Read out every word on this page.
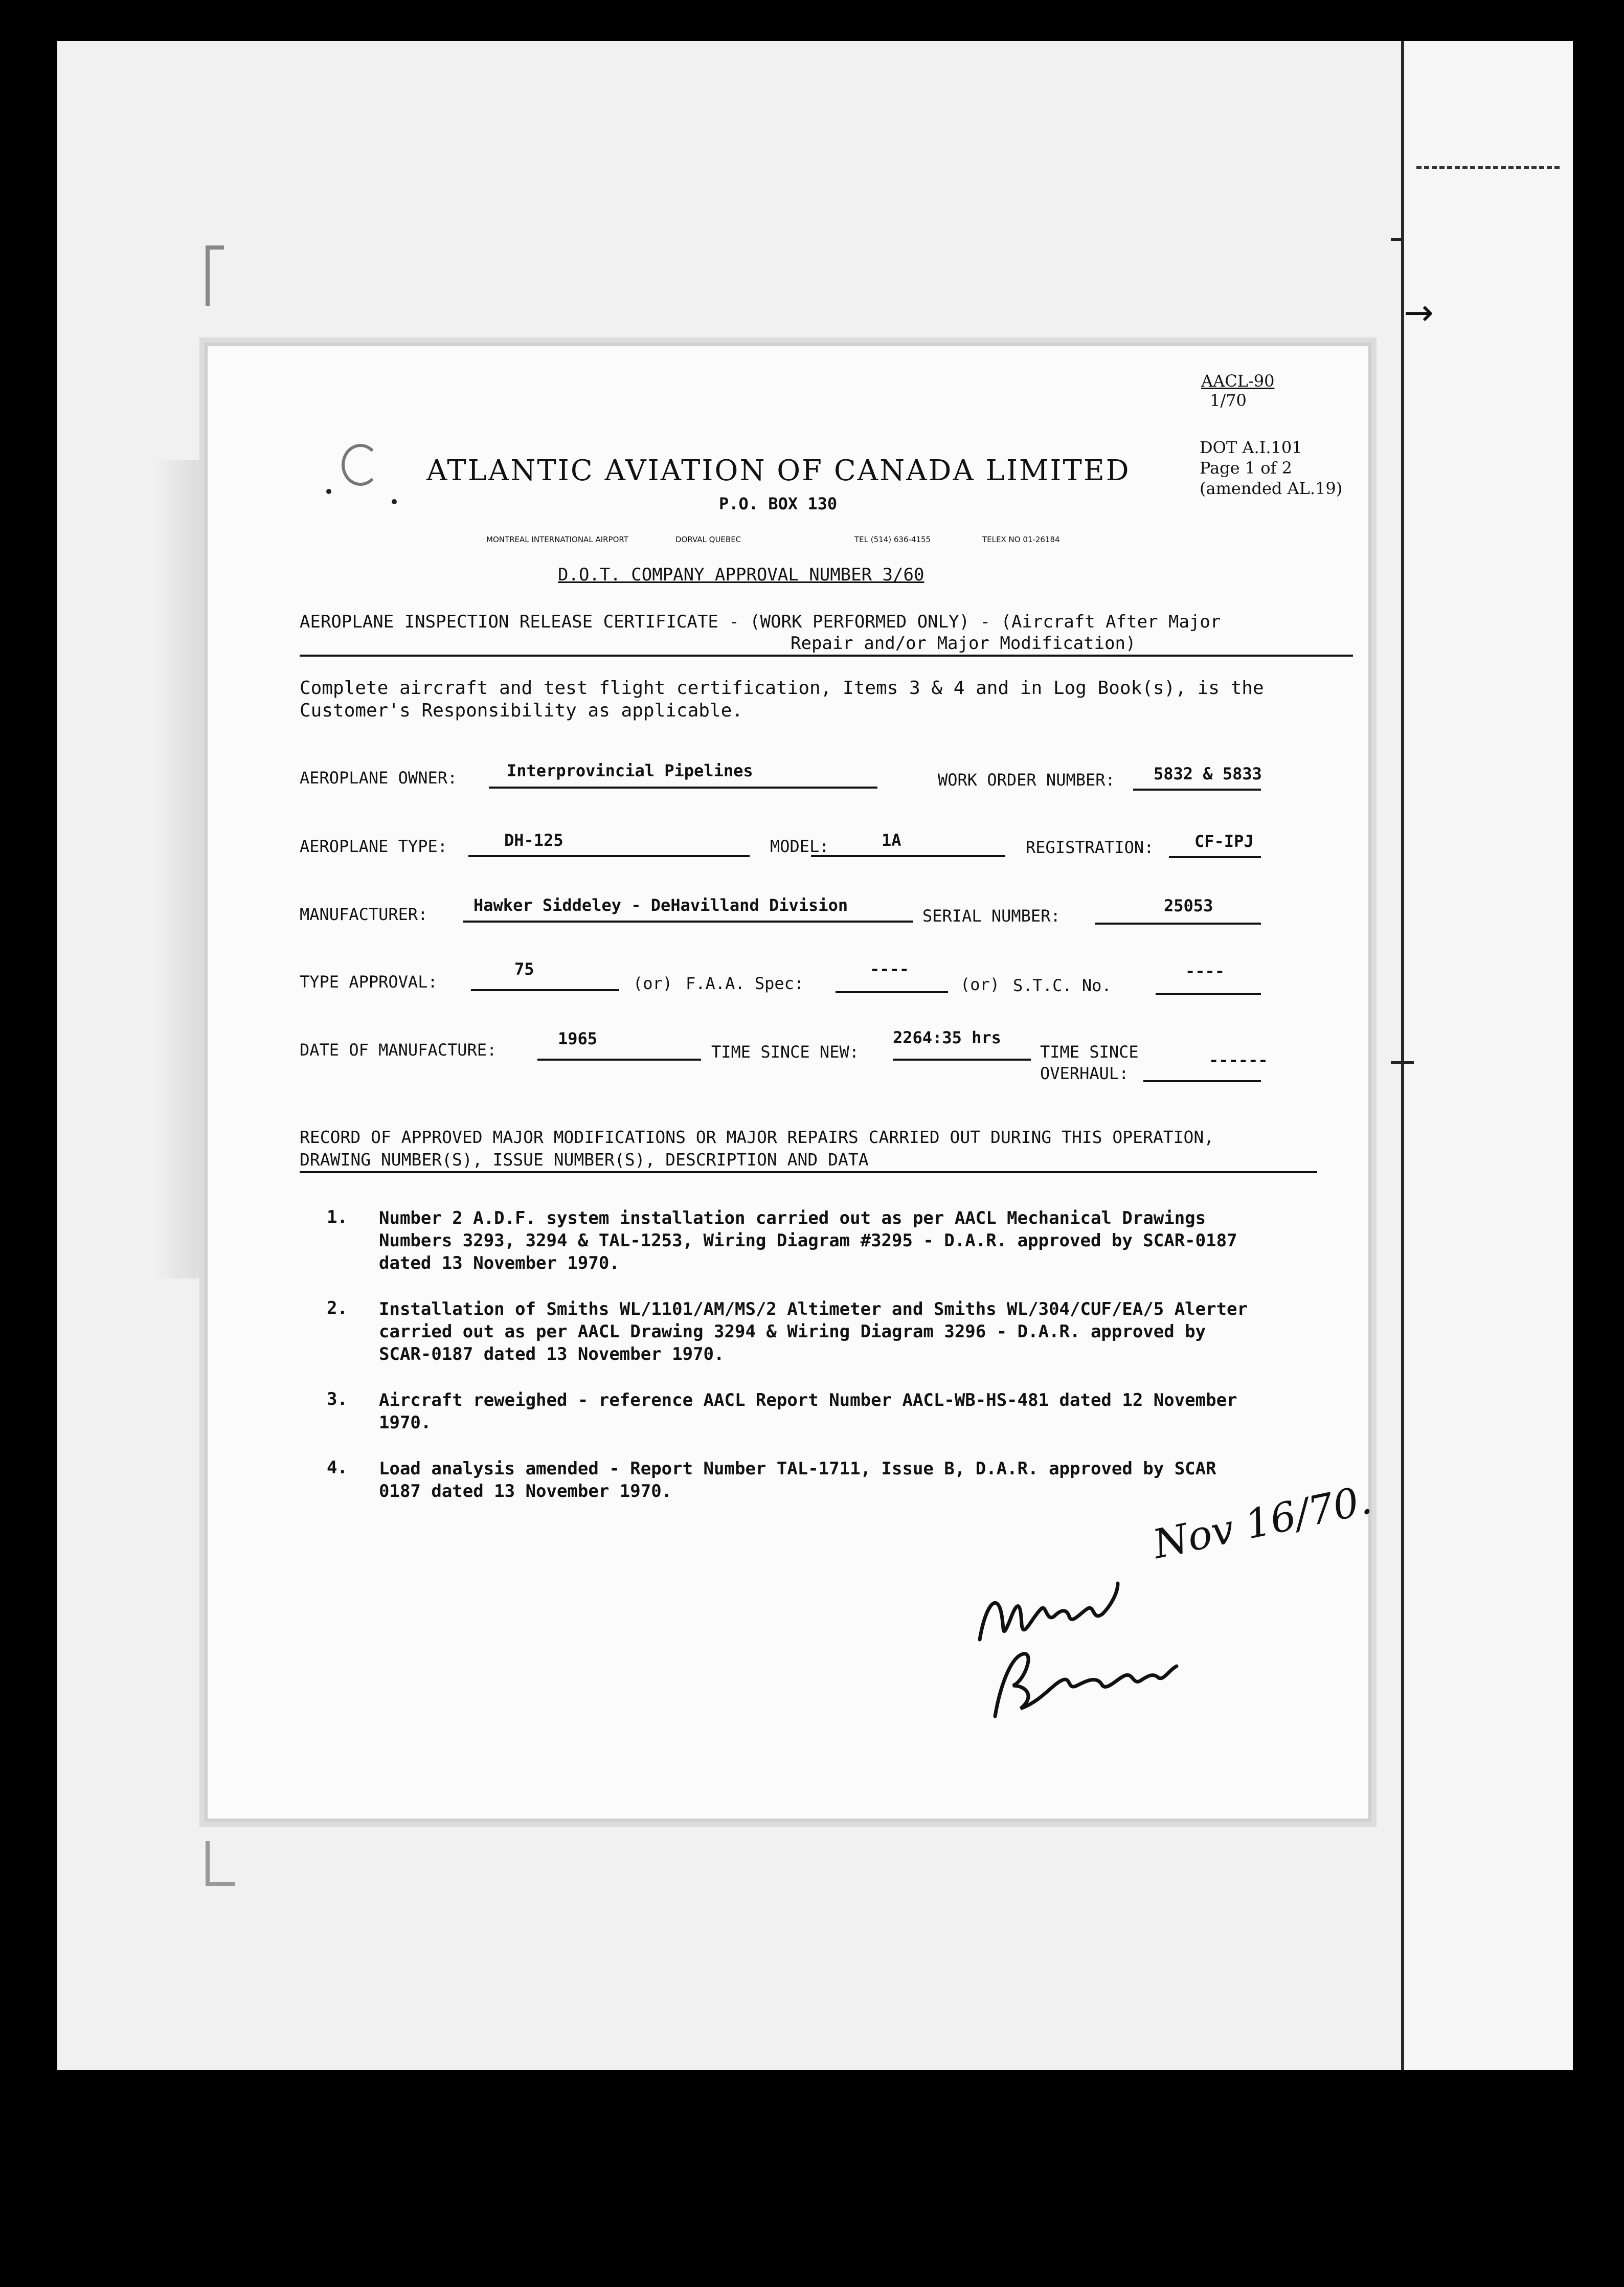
→
AACL-90
1/70
DOT A.I.101
Page 1 of 2
(amended AL.19)
ATLANTIC AVIATION OF CANADA LIMITED
P.O. BOX 130
MONTREAL INTERNATIONAL AIRPORT	DORVAL QUEBEC	TEL (514) 636-4155	TELEX NO 01-26184
D.O.T. COMPANY APPROVAL NUMBER 3/60
AEROPLANE INSPECTION RELEASE CERTIFICATE - (WORK PERFORMED ONLY) - (Aircraft After Major
Repair and/or Major Modification)
Complete aircraft and test flight certification, Items 3 & 4 and in Log Book(s), is the
Customer's Responsibility as applicable.
AEROPLANE OWNER:	Interprovincial Pipelines	WORK ORDER NUMBER: 5832 & 5833
AEROPLANE TYPE:	DH-125	MODEL:	1A	REGISTRATION: CF-IPJ
MANUFACTURER:	Hawker Siddeley - DeHavilland Division
SERIAL NUMBER:
25053
TYPE APPROVAL:
75
(or) F.A.A. Spec:
----
(or) S.T.C. No.
----
DATE OF MANUFACTURE:
1965
TIME SINCE NEW:
2264:35 hrs
TIME SINCE
OVERHAUL:
------
RECORD OF APPROVED MAJOR MODIFICATIONS OR MAJOR REPAIRS CARRIED OUT DURING THIS OPERATION,
DRAWING NUMBER(S), ISSUE NUMBER(S), DESCRIPTION AND DATA
1. Number 2 A.D.F. system installation carried out as per AACL Mechanical Drawings
Numbers 3293, 3294 & TAL-1253, Wiring Diagram #3295 - D.A.R. approved by SCAR-0187
dated 13 November 1970.
2. Installation of Smiths WL/1101/AM/MS/2 Altimeter and Smiths WL/304/CUF/EA/5 Alerter
carried out as per AACL Drawing 3294 & Wiring Diagram 3296 - D.A.R. approved by
SCAR-0187 dated 13 November 1970.
3. Aircraft reweighed - reference AACL Report Number AACL-WB-HS-481 dated 12 November
1970.
4. Load analysis amended - Report Number TAL-1711, Issue B, D.A.R. approved by SCAR
0187 dated 13 November 1970.	Nov 16/70.
